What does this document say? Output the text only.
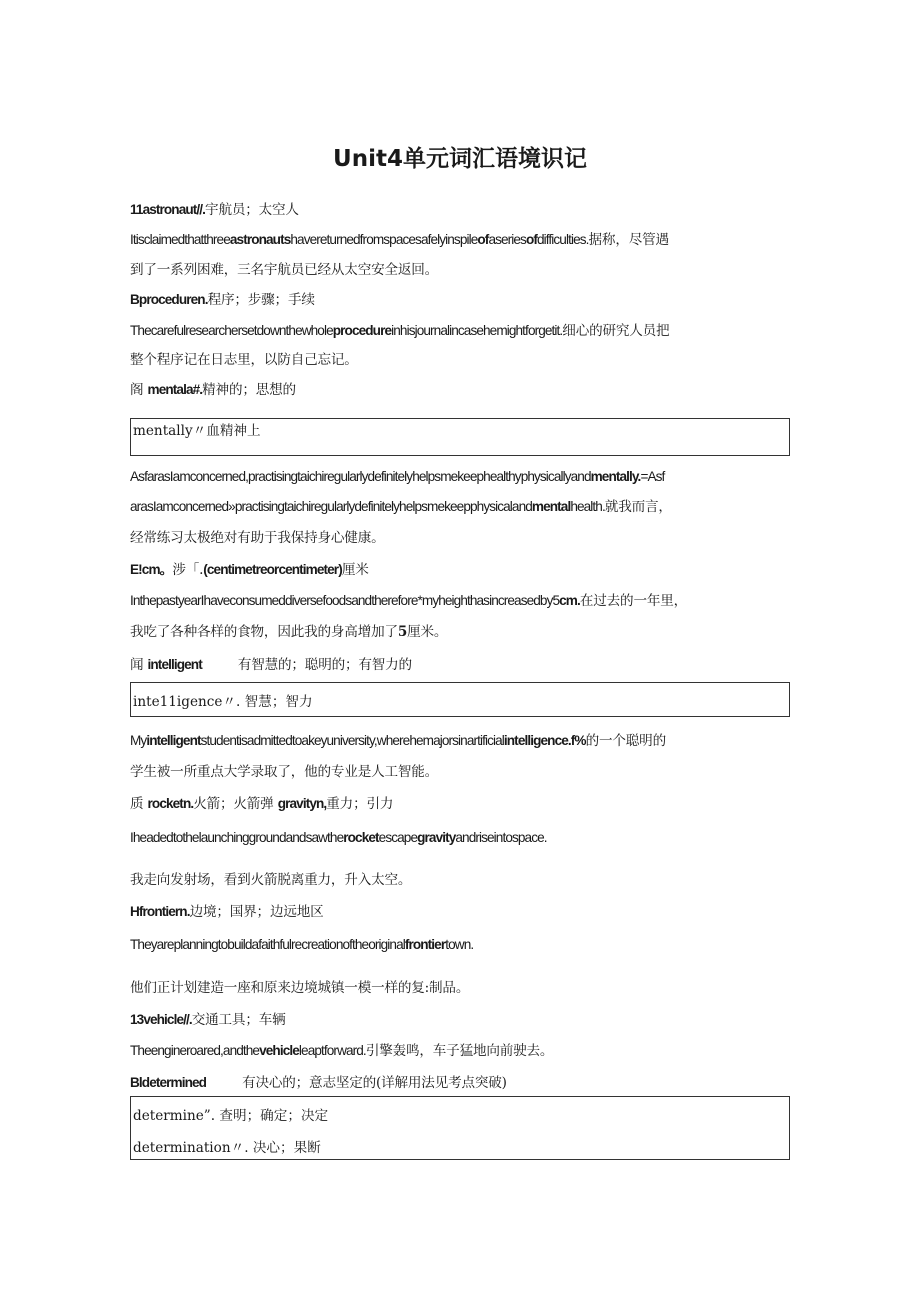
Unit4单元词汇语境识记
11astronaut//.宇航员；太空人
Itisclaimedthatthreeastronautshavereturnedfromspacesafelyinspileofaseriesofdifficulties.据称，尽管遇
到了一系列困难，三名宇航员已经从太空安全返回。
Bproceduren.程序；步骤；手续
Thecarefulresearchersetdownthewholeprocedureinhisjournalincasehemightforgetit.细心的研究人员把
整个程序记在日志里，以防自己忘记。
阁 mentala#.精神的；思想的
mentally〃血精神上
AsfarasIamconcerned,practisingtaichiregularlydefinitelyhelpsmekeephealthyphysicallyandmentally.=Asf
arasIamconcerned»practisingtaichiregularlydefinitelyhelpsmekeepphysicalandmentalhealth.就我而言，
经常练习太极绝对有助于我保持身心健康。
E!cm。涉「.(centimetreorcentimeter)厘米
InthepastyearIhaveconsumeddiversefoodsandtherefore*myheighthasincreasedby5cm.在过去的一年里，
我吃了各种各样的食物，因此我的身高增加了5厘米。
闻 intelligent	有智慧的；聪明的；有智力的
inte11igence〃. 智慧；智力
Myintelligentstudentisadmittedtoakeyuniversity,wherehemajorsinartificialintelligence.f%的一个聪明的
学生被一所重点大学录取了，他的专业是人工智能。
质 rocketn.火箭；火箭弹 gravityn,重力；引力
Iheadedtothelaunchinggroundandsawtherocketescapegravityandriseintospace.
我走向发射场，看到火箭脱离重力，升入太空。
Hfrontiern.边境；国界；边远地区
Theyareplanningtobuildafaithfulrecreationoftheoriginalfrontiertown.
他们正计划建造一座和原来边境城镇一模一样的复:制品。
13vehicle//.交通工具；车辆
Theengineroared,andthevehicleleaptforward.引擎轰鸣，车子猛地向前驶去。
Bldetermined	有决心的；意志坚定的(详解用法见考点突破)
determine”. 查明；确定；决定
determination〃. 决心；果断
